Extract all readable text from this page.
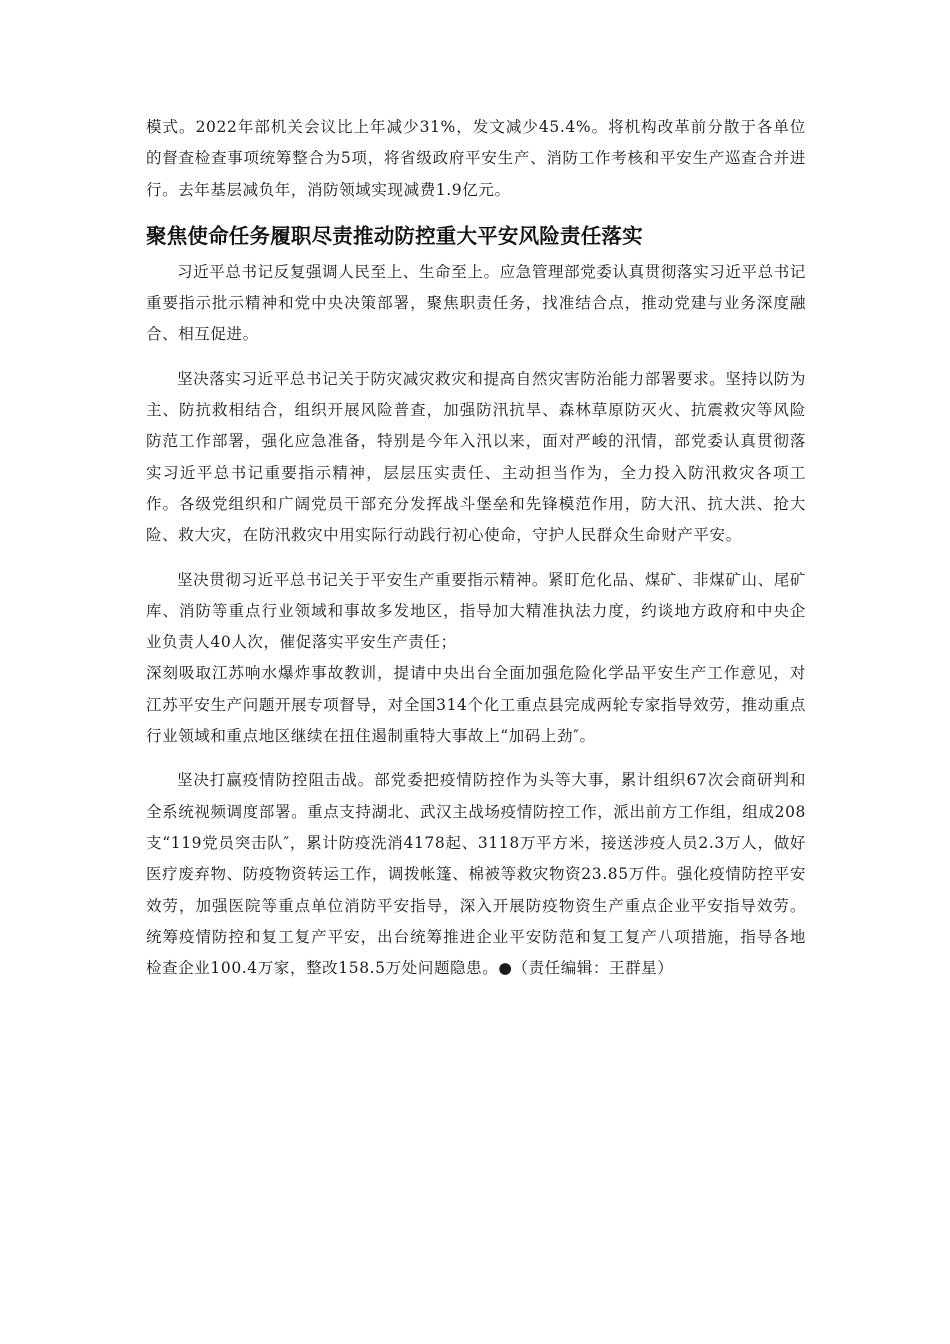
模式。2022年部机关会议比上年减少31%，发文减少45.4%。将机构改革前分散于各单位的督查检查事项统筹整合为5项，将省级政府平安生产、消防工作考核和平安生产巡查合并进行。去年基层减负年，消防领域实现减费1.9亿元。

聚焦使命任务履职尽责推动防控重大平安风险责任落实

习近平总书记反复强调人民至上、生命至上。应急管理部党委认真贯彻落实习近平总书记重要指示批示精神和党中央决策部署，聚焦职责任务，找准结合点，推动党建与业务深度融合、相互促进。

坚决落实习近平总书记关于防灾减灾救灾和提高自然灾害防治能力部署要求。坚持以防为主、防抗救相结合，组织开展风险普查，加强防汛抗旱、森林草原防灭火、抗震救灾等风险防范工作部署，强化应急准备，特别是今年入汛以来，面对严峻的汛情，部党委认真贯彻落实习近平总书记重要指示精神，层层压实责任、主动担当作为，全力投入防汛救灾各项工作。各级党组织和广阔党员干部充分发挥战斗堡垒和先锋模范作用，防大汛、抗大洪、抢大险、救大灾，在防汛救灾中用实际行动践行初心使命，守护人民群众生命财产平安。

坚决贯彻习近平总书记关于平安生产重要指示精神。紧盯危化品、煤矿、非煤矿山、尾矿库、消防等重点行业领域和事故多发地区，指导加大精准执法力度，约谈地方政府和中央企业负责人40人次，催促落实平安生产责任；

深刻吸取江苏响水爆炸事故教训，提请中央出台全面加强危险化学品平安生产工作意见，对江苏平安生产问题开展专项督导，对全国314个化工重点县完成两轮专家指导效劳，推动重点行业领域和重点地区继续在扭住遏制重特大事故上“加码上劲″。

坚决打赢疫情防控阻击战。部党委把疫情防控作为头等大事，累计组织67次会商研判和全系统视频调度部署。重点支持湖北、武汉主战场疫情防控工作，派出前方工作组，组成208支“119党员突击队″，累计防疫洗消4178起、3118万平方米，接送涉疫人员2.3万人，做好医疗废弃物、防疫物资转运工作，调拨帐篷、棉被等救灾物资23.85万件。强化疫情防控平安效劳，加强医院等重点单位消防平安指导，深入开展防疫物资生产重点企业平安指导效劳。统筹疫情防控和复工复产平安，出台统筹推进企业平安防范和复工复产八项措施，指导各地检查企业100.4万家，整改158.5万处问题隐患。●（责任编辑：王群星）
